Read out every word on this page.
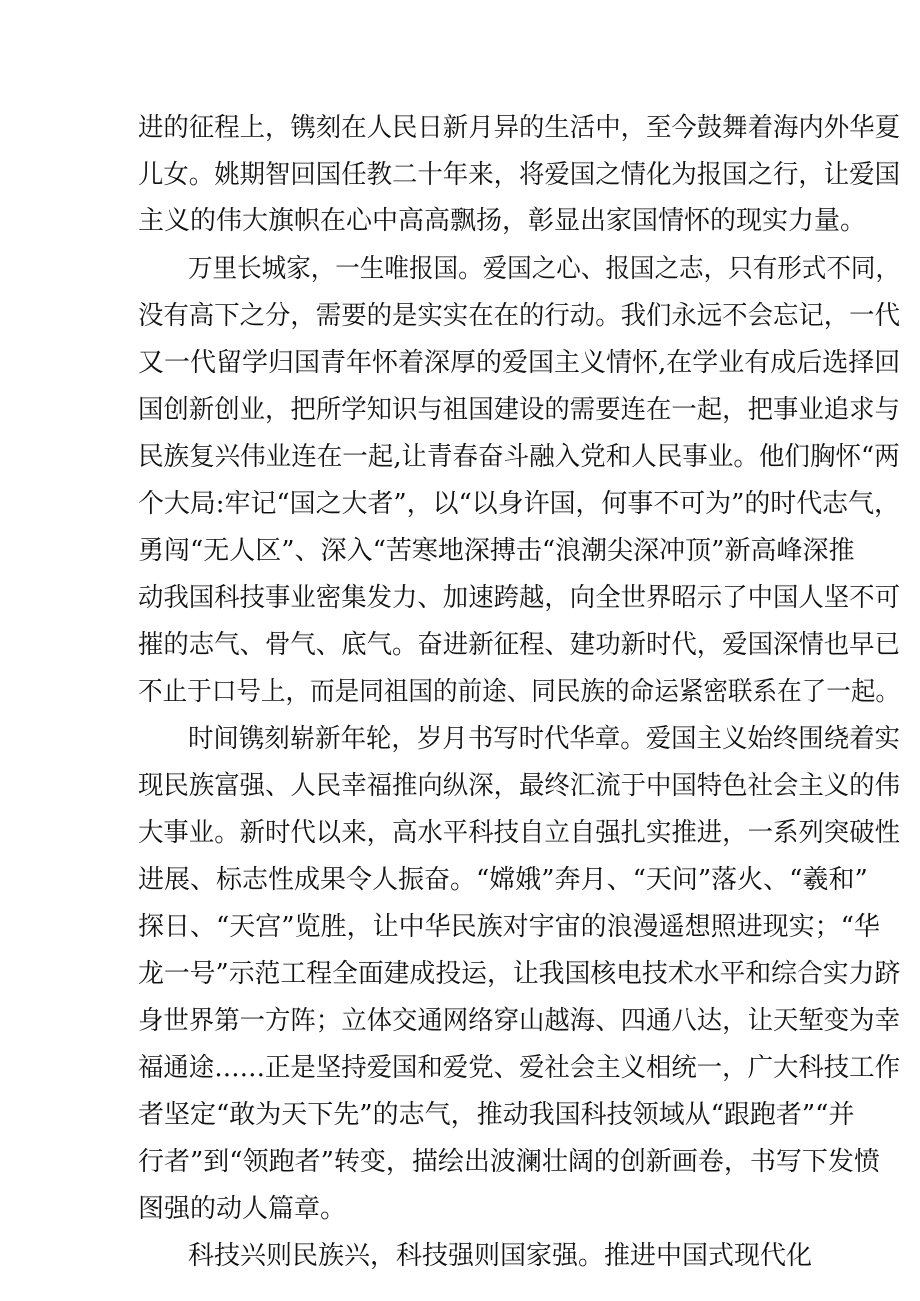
进的征程上，镌刻在人民日新月异的生活中，至今鼓舞着海内外华夏
儿女。姚期智回国任教二十年来，将爱国之情化为报国之行，让爱国
主义的伟大旗帜在心中高高飘扬，彰显出家国情怀的现实力量。
万里长城家，一生唯报国。爱国之心、报国之志，只有形式不同，
没有高下之分，需要的是实实在在的行动。我们永远不会忘记，一代
又一代留学归国青年怀着深厚的爱国主义情怀,在学业有成后选择回
国创新创业，把所学知识与祖国建设的需要连在一起，把事业追求与
民族复兴伟业连在一起,让青春奋斗融入党和人民事业。他们胸怀“两
个大局:牢记“国之大者”，以“以身许国，何事不可为”的时代志气，
勇闯“无人区”、深入“苦寒地深搏击“浪潮尖深冲顶”新高峰深推
动我国科技事业密集发力、加速跨越，向全世界昭示了中国人坚不可
摧的志气、骨气、底气。奋进新征程、建功新时代，爱国深情也早已
不止于口号上，而是同祖国的前途、同民族的命运紧密联系在了一起。
时间镌刻崭新年轮，岁月书写时代华章。爱国主义始终围绕着实
现民族富强、人民幸福推向纵深，最终汇流于中国特色社会主义的伟
大事业。新时代以来，高水平科技自立自强扎实推进，一系列突破性
进展、标志性成果令人振奋。“嫦娥”奔月、“天问”落火、“羲和”
探日、“天宫”览胜，让中华民族对宇宙的浪漫遥想照进现实；“华
龙一号”示范工程全面建成投运，让我国核电技术水平和综合实力跻
身世界第一方阵；立体交通网络穿山越海、四通八达，让天堑变为幸
福通途……正是坚持爱国和爱党、爱社会主义相统一，广大科技工作
者坚定“敢为天下先”的志气，推动我国科技领域从“跟跑者”“并
行者”到“领跑者”转变，描绘出波澜壮阔的创新画卷，书写下发愤
图强的动人篇章。
科技兴则民族兴，科技强则国家强。推进中国式现代化
